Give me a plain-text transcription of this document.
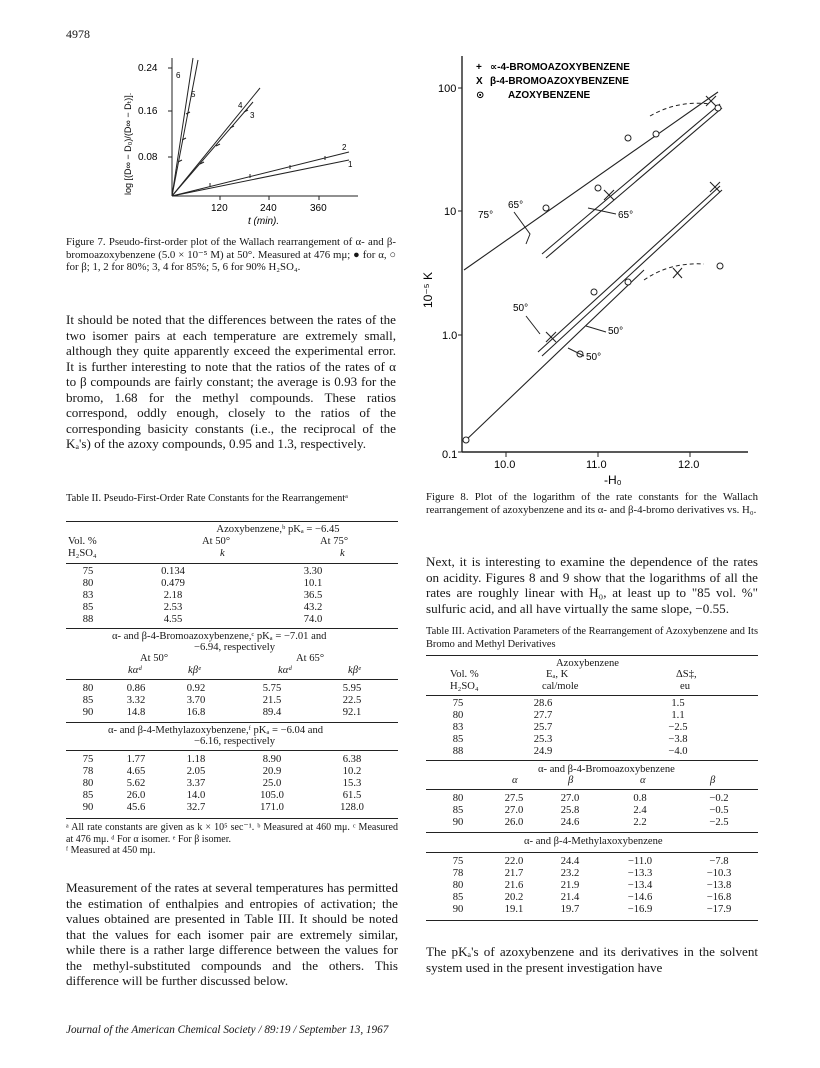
4978
0.08
0.16
0.24
120	240	360
t (min).
log [(D∞ − D₀)/(D∞ − Dₜ)].
6
5
4
3
2
1
Figure 7. Pseudo-first-order plot of the Wallach rearrangement of α- and β-bromoazoxybenzene (5.0 × 10⁻⁵ M) at 50°. Measured at 476 mμ; ● for α, ○ for β; 1, 2 for 80%; 3, 4 for 85%; 5, 6 for 90% H₂SO₄.
It should be noted that the differences between the rates of the two isomer pairs at each temperature are extremely small, although they quite apparently exceed the experimental error. It is further interesting to note that the ratios of the rates of α to β compounds are fairly constant; the average is 0.93 for the bromo, 1.68 for the methyl compounds. These ratios correspond, oddly enough, closely to the ratios of the corresponding basicity constants (i.e., the reciprocal of the Kₐ's) of the azoxy compounds, 0.95 and 1.3, respectively.
Table II. Pseudo-First-Order Rate Constants for the Rearrangementᵃ
Azoxybenzene,ᵇ pKₐ = −6.45
Vol. %
H₂SO₄
At 50°	At 75°
k	k
75	0.134	3.30
80	0.479	10.1
83	2.18	36.5
85	2.53	43.2
88	4.55	74.0
α- and β-4-Bromoazoxybenzene,ᶜ pKₐ = −7.01 and
−6.94, respectively
At 50°	At 65°
kαᵈ	kβᵉ	kαᵈ	kβᵉ
80	0.86	0.92	5.75	5.95
85	3.32	3.70	21.5	22.5
90	14.8	16.8	89.4	92.1
α- and β-4-Methylazoxybenzene,ᶠ pKₐ = −6.04 and
−6.16, respectively
75	1.77	1.18	8.90	6.38
78	4.65	2.05	20.9	10.2
80	5.62	3.37	25.0	15.3
85	26.0	14.0	105.0	61.5
90	45.6	32.7	171.0	128.0
ᵃ All rate constants are given as k × 10⁵ sec⁻¹. ᵇ Measured at 460 mμ. ᶜ Measured at 476 mμ. ᵈ For α isomer. ᵉ For β isomer.
ᶠ Measured at 450 mμ.
Measurement of the rates at several temperatures has permitted the estimation of enthalpies and entropies of activation; the values obtained are presented in Table III. It should be noted that the values for each isomer pair are extremely similar, while there is a rather large difference between the values for the methyl-substituted compounds and the others. This difference will be further discussed below.
100
10
1.0
0.1
10.0	11.0	12.0
-H₀
10⁻⁵ K
+ ∝-4-BROMOAZOXYBENZENE
X β-4-BROMOAZOXYBENZENE
⊙ AZOXYBENZENE
75°
65°
65°
50°
50°
50°
Figure 8. Plot of the logarithm of the rate constants for the Wallach rearrangement of azoxybenzene and its α- and β-4-bromo derivatives vs. H₀.
Next, it is interesting to examine the dependence of the rates on acidity. Figures 8 and 9 show that the logarithms of all the rates are roughly linear with H₀, at least up to "85 vol. %" sulfuric acid, and all have virtually the same slope, −0.55.
Table III. Activation Parameters of the Rearrangement of Azoxybenzene and Its Bromo and Methyl Derivatives
Azoxybenzene
Vol. %
H₂SO₄
Eₐ, K
cal/mole
ΔS‡,
eu
75	28.6	1.5
80	27.7	1.1
83	25.7	−2.5
85	25.3	−3.8
88	24.9	−4.0
α- and β-4-Bromoazoxybenzene
α	β	α	β
80	27.5	27.0	0.8	−0.2
85	27.0	25.8	2.4	−0.5
90	26.0	24.6	2.2	−2.5
α- and β-4-Methylaxoxybenzene
75	22.0	24.4	−11.0	−7.8
78	21.7	23.2	−13.3	−10.3
80	21.6	21.9	−13.4	−13.8
85	20.2	21.4	−14.6	−16.8
90	19.1	19.7	−16.9	−17.9
The pKₐ's of azoxybenzene and its derivatives in the solvent system used in the present investigation have
Journal of the American Chemical Society / 89:19 / September 13, 1967
